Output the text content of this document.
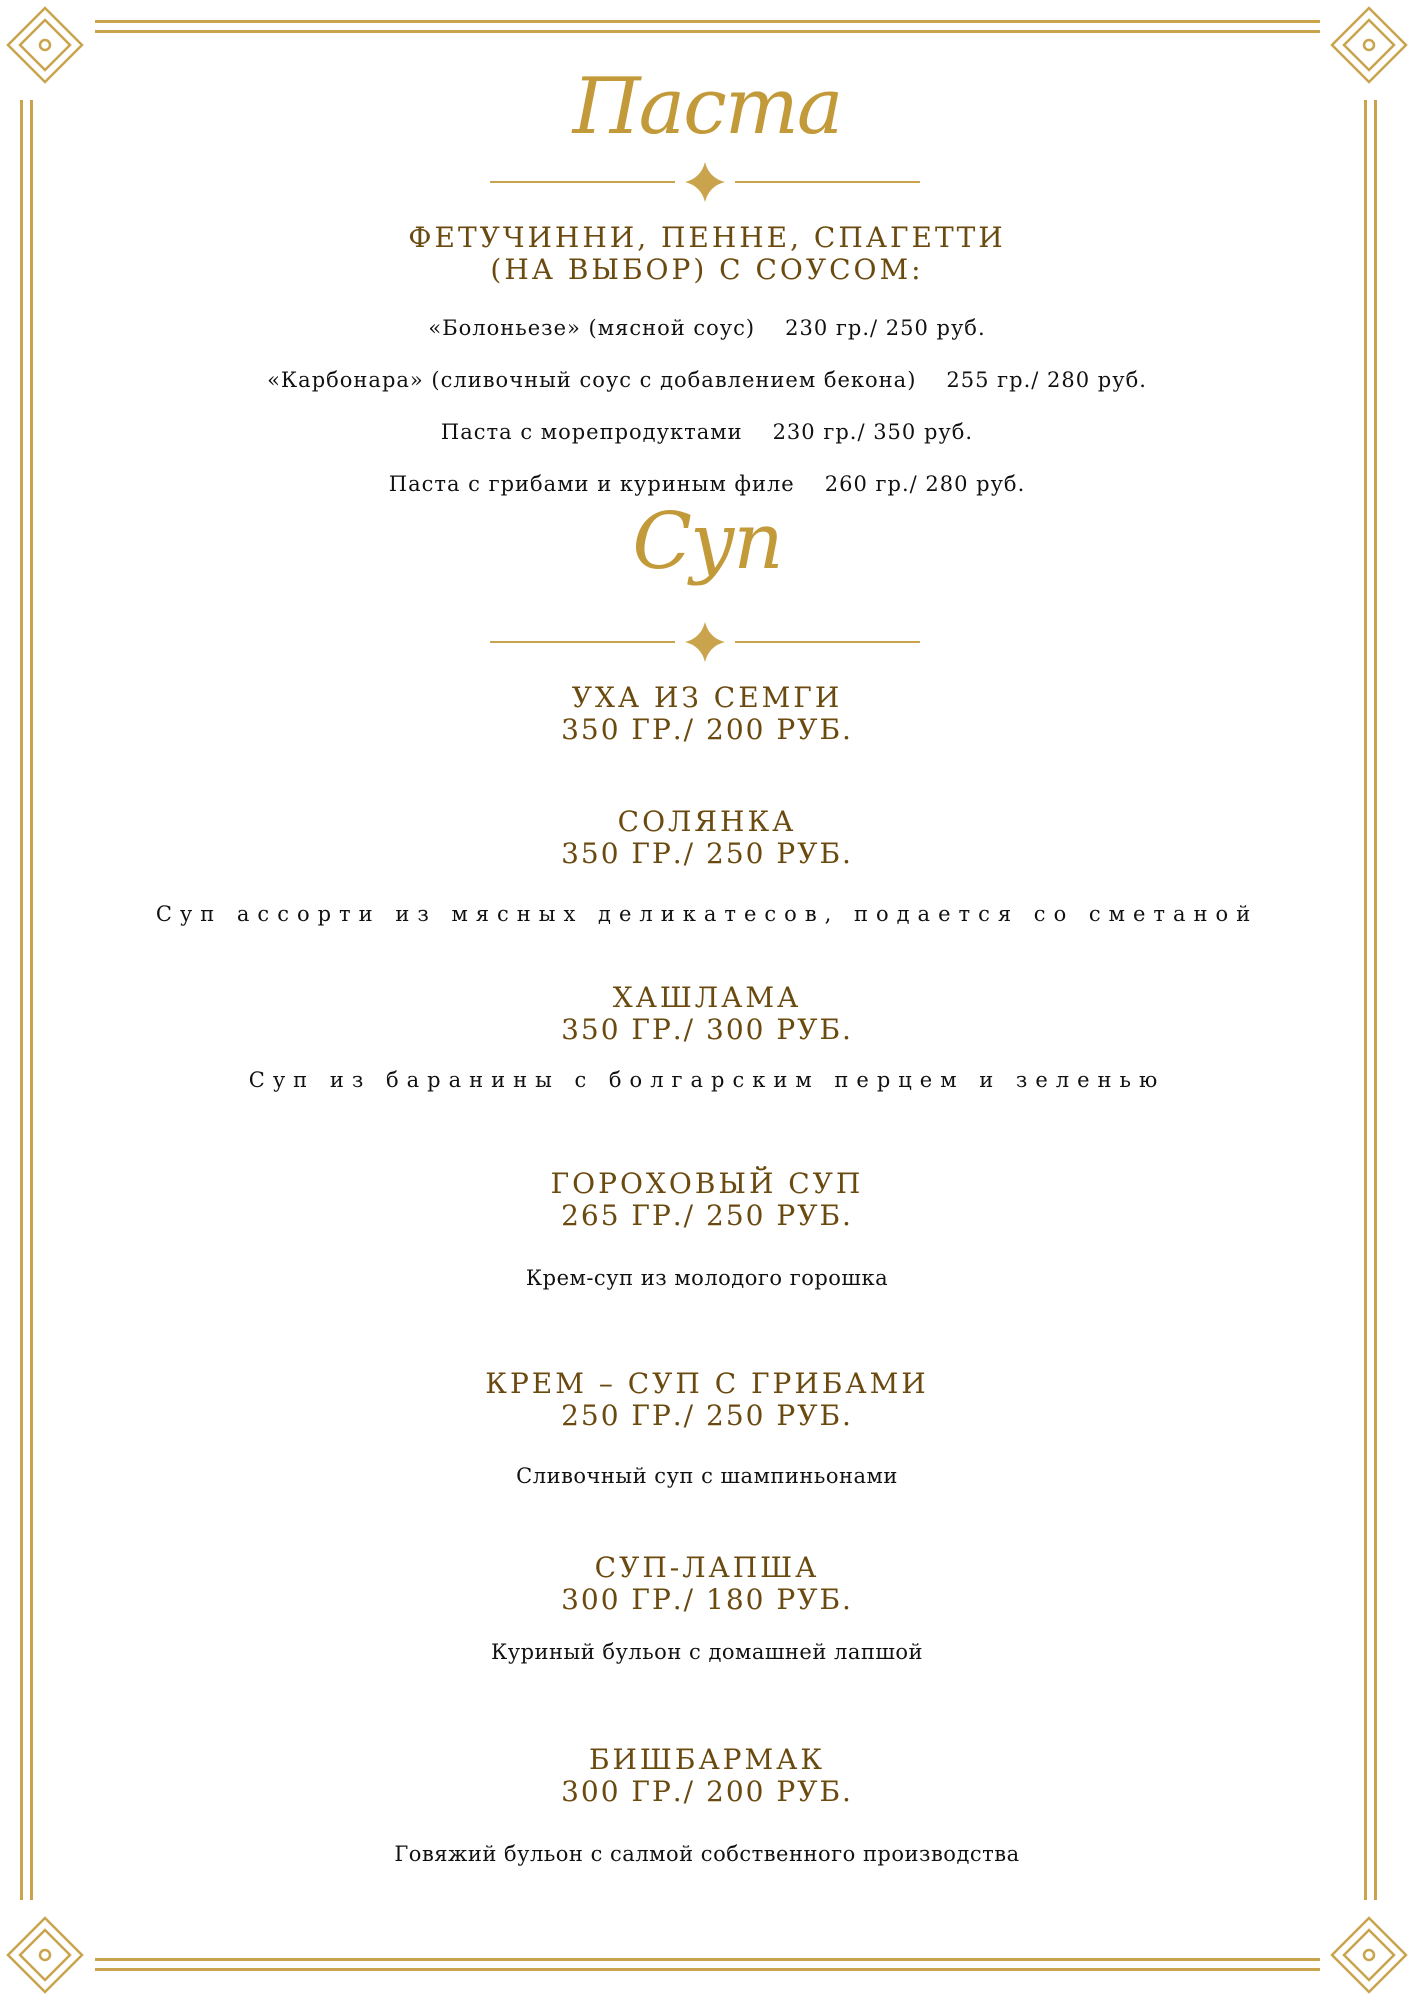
Паста
ФЕТУЧИННИ, ПЕННЕ, СПАГЕТТИ
(НА ВЫБОР) С СОУСОМ:
«Болоньезе» (мясной соус) 230 гр./ 250 руб.
«Карбонара» (сливочный соус с добавлением бекона) 255 гр./ 280 руб.
Паста с морепродуктами 230 гр./ 350 руб.
Паста с грибами и куриным филе 260 гр./ 280 руб.
Суп
УХА ИЗ СЕМГИ
350 ГР./ 200 РУБ.
СОЛЯНКА
350 ГР./ 250 РУБ.
Суп ассорти из мясных деликатесов, подается со сметаной
ХАШЛАМА
350 ГР./ 300 РУБ.
Суп из баранины с болгарским перцем и зеленью
ГОРОХОВЫЙ СУП
265 ГР./ 250 РУБ.
Крем-суп из молодого горошка
КРЕМ – СУП С ГРИБАМИ
250 ГР./ 250 РУБ.
Сливочный суп с шампиньонами
СУП-ЛАПША
300 ГР./ 180 РУБ.
Куриный бульон с домашней лапшой
БИШБАРМАК
300 ГР./ 200 РУБ.
Говяжий бульон с салмой собственного производства
